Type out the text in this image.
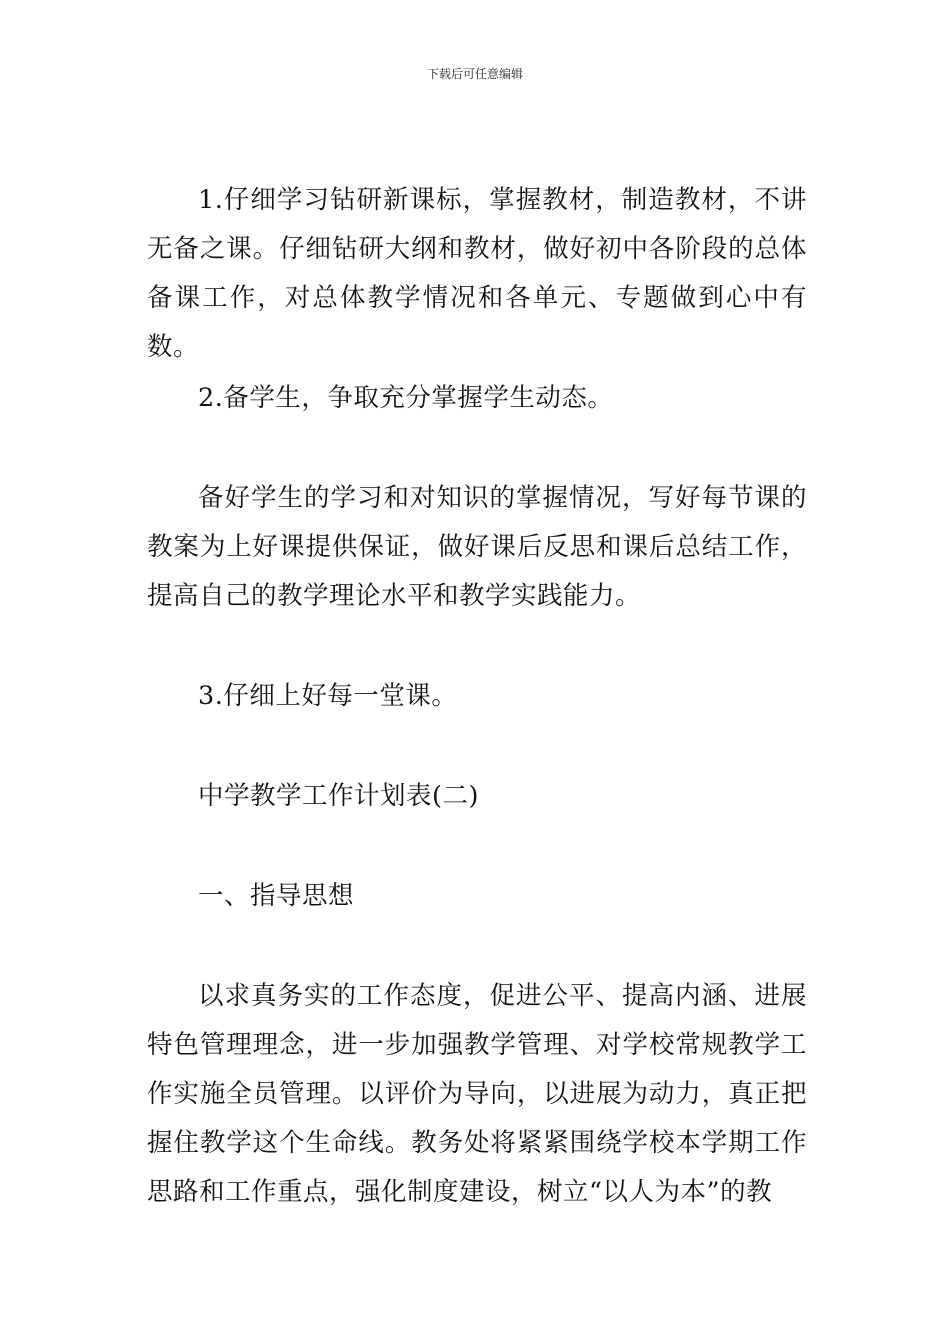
下载后可任意编辑

1.仔细学习钻研新课标，掌握教材，制造教材，不讲无备之课。仔细钻研大纲和教材，做好初中各阶段的总体备课工作，对总体教学情况和各单元、专题做到心中有数。

2.备学生，争取充分掌握学生动态。

备好学生的学习和对知识的掌握情况，写好每节课的教案为上好课提供保证，做好课后反思和课后总结工作，提高自己的教学理论水平和教学实践能力。

3.仔细上好每一堂课。

中学教学工作计划表(二)

一、指导思想

以求真务实的工作态度，促进公平、提高内涵、进展特色管理理念，进一步加强教学管理、对学校常规教学工作实施全员管理。以评价为导向，以进展为动力，真正把握住教学这个生命线。教务处将紧紧围绕学校本学期工作思路和工作重点，强化制度建设，树立“以人为本”的教
